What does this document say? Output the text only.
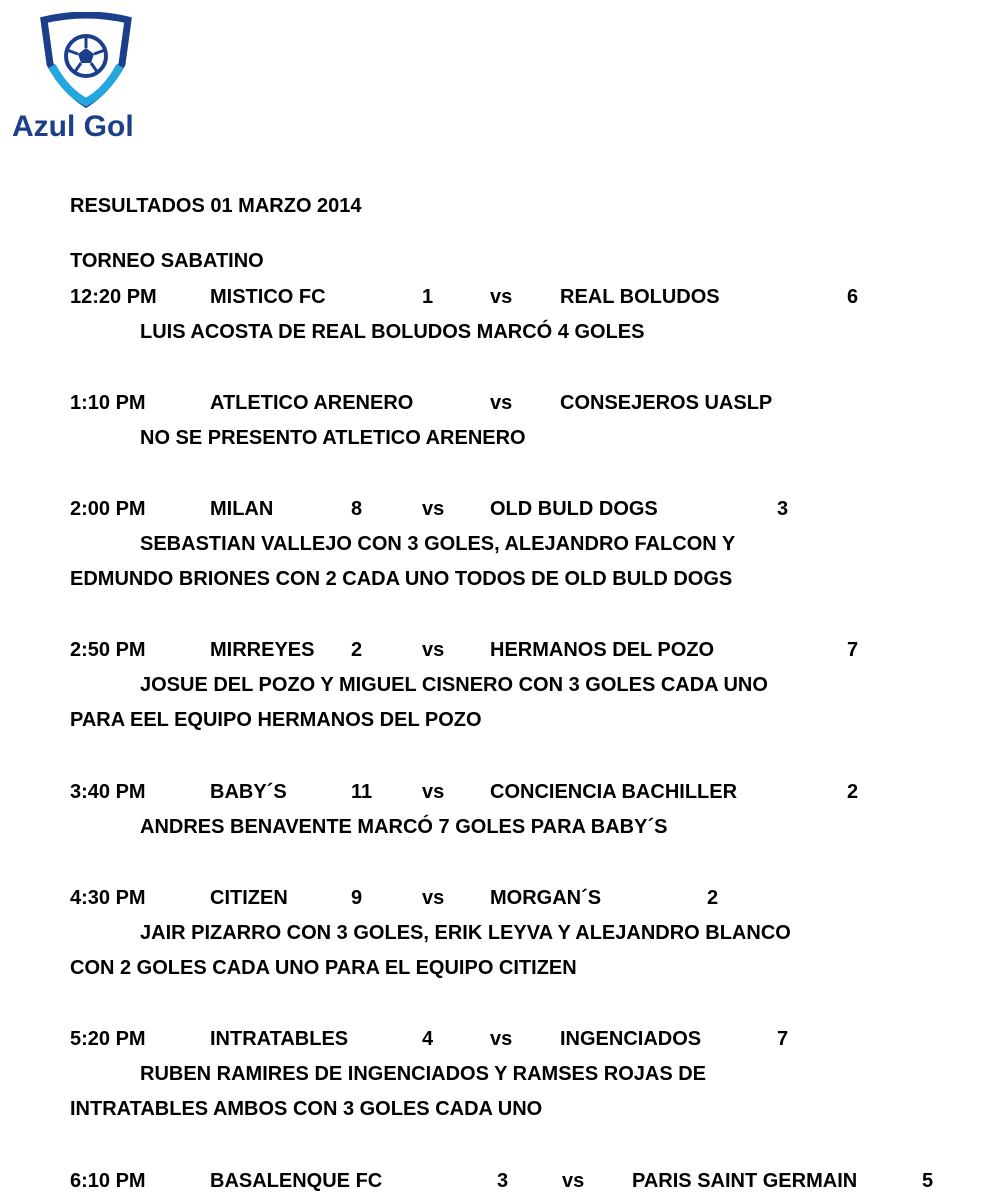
Azul Gol
RESULTADOS 01 MARZO 2014
TORNEO SABATINO
12:20 PM	MISTICO FC	1	vs REAL BOLUDOS	6
LUIS ACOSTA DE REAL BOLUDOS MARCÓ 4 GOLES
1:10 PM	ATLETICO ARENERO	vs CONSEJEROS UASLP
NO SE PRESENTO ATLETICO ARENERO
2:00 PM	MILAN	8	vs OLD BULD DOGS	3
SEBASTIAN VALLEJO CON 3 GOLES, ALEJANDRO FALCON Y
EDMUNDO BRIONES CON 2 CADA UNO TODOS DE OLD BULD DOGS
2:50 PM	MIRREYES 2	vs HERMANOS DEL POZO	7
JOSUE DEL POZO Y MIGUEL CISNERO CON 3 GOLES CADA UNO
PARA EEL EQUIPO HERMANOS DEL POZO
3:40 PM	BABY´S	11 vs CONCIENCIA BACHILLER	2
ANDRES BENAVENTE MARCÓ 7 GOLES PARA BABY´S
4:30 PM	CITIZEN	9	vs MORGAN´S	2
JAIR PIZARRO CON 3 GOLES, ERIK LEYVA Y ALEJANDRO BLANCO
CON 2 GOLES CADA UNO PARA EL EQUIPO CITIZEN
5:20 PM	INTRATABLES	4	vs INGENCIADOS	7
RUBEN RAMIRES DE INGENCIADOS Y RAMSES ROJAS DE
INTRATABLES AMBOS CON 3 GOLES CADA UNO
6:10 PM	BASALENQUE FC	3	vs PARIS SAINT GERMAIN	5
